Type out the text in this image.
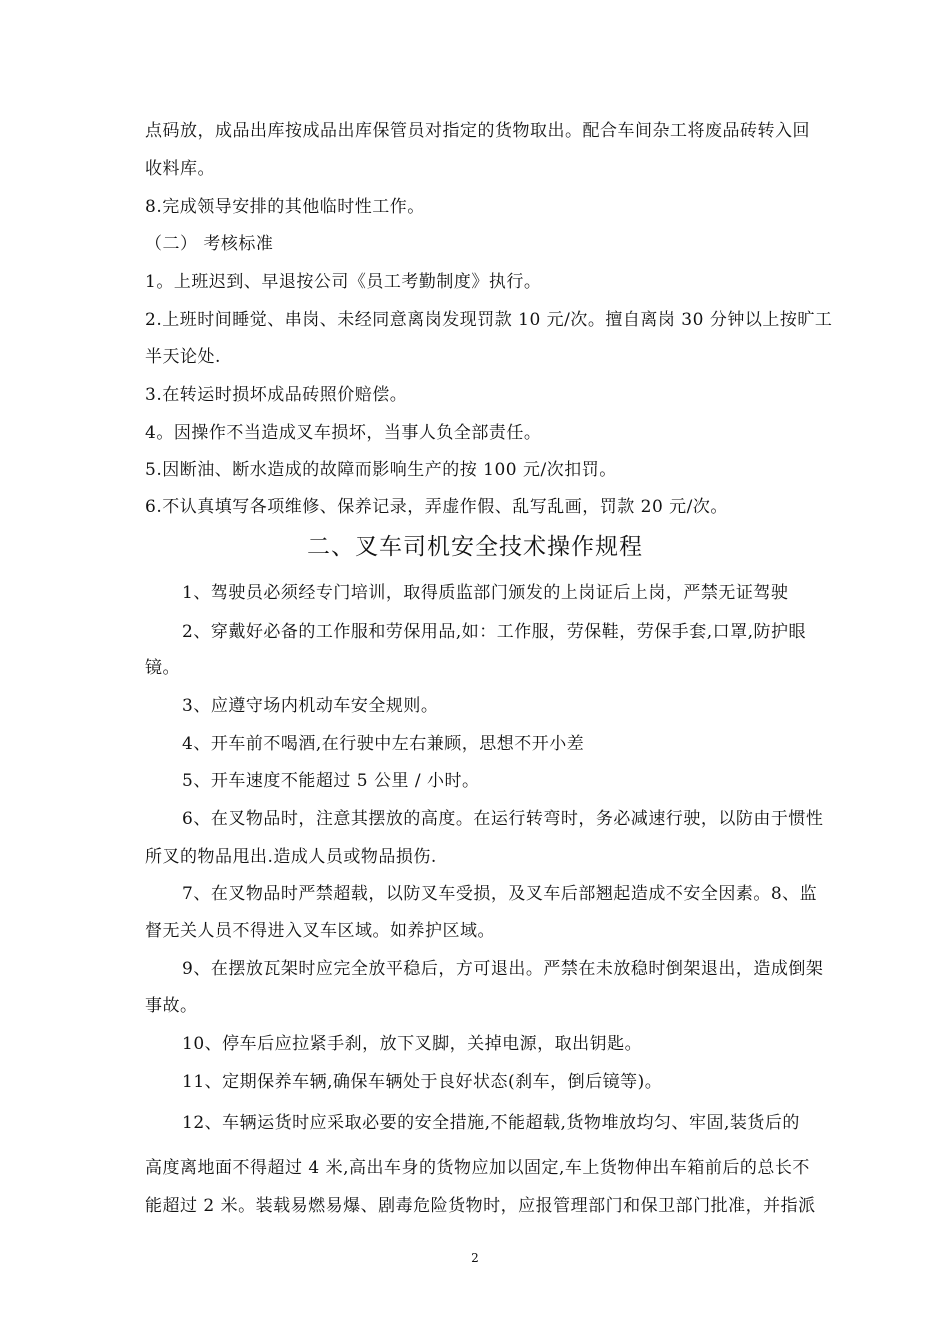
点码放，成品出库按成品出库保管员对指定的货物取出。配合车间杂工将废品砖转入回
收料库。
8.完成领导安排的其他临时性工作。
（二） 考核标准
1。上班迟到、早退按公司《员工考勤制度》执行。
2.上班时间睡觉、串岗、未经同意离岗发现罚款 10 元/次。擅自离岗 30 分钟以上按旷工
半天论处.
3.在转运时损坏成品砖照价赔偿。
4。因操作不当造成叉车损坏，当事人负全部责任。
5.因断油、断水造成的故障而影响生产的按 100 元/次扣罚。
6.不认真填写各项维修、保养记录，弄虚作假、乱写乱画，罚款 20 元/次。
二、叉车司机安全技术操作规程
1、驾驶员必须经专门培训，取得质监部门颁发的上岗证后上岗，严禁无证驾驶
2、穿戴好必备的工作服和劳保用品,如：工作服，劳保鞋，劳保手套,口罩,防护眼
镜。
3、应遵守场内机动车安全规则。
4、开车前不喝酒,在行驶中左右兼顾，思想不开小差
5、开车速度不能超过 5 公里 / 小时。
6、在叉物品时，注意其摆放的高度。在运行转弯时，务必减速行驶，以防由于惯性
所叉的物品甩出.造成人员或物品损伤.
7、在叉物品时严禁超载，以防叉车受损，及叉车后部翘起造成不安全因素。8、监
督无关人员不得进入叉车区域。如养护区域。
9、在摆放瓦架时应完全放平稳后，方可退出。严禁在未放稳时倒架退出，造成倒架
事故。
10、停车后应拉紧手刹，放下叉脚，关掉电源，取出钥匙。
11、定期保养车辆,确保车辆处于良好状态(刹车，倒后镜等)。
12、车辆运货时应采取必要的安全措施,不能超载,货物堆放均匀、牢固,装货后的
高度离地面不得超过 4 米,高出车身的货物应加以固定,车上货物伸出车箱前后的总长不
能超过 2 米。装载易燃易爆、剧毒危险货物时，应报管理部门和保卫部门批准，并指派
2
